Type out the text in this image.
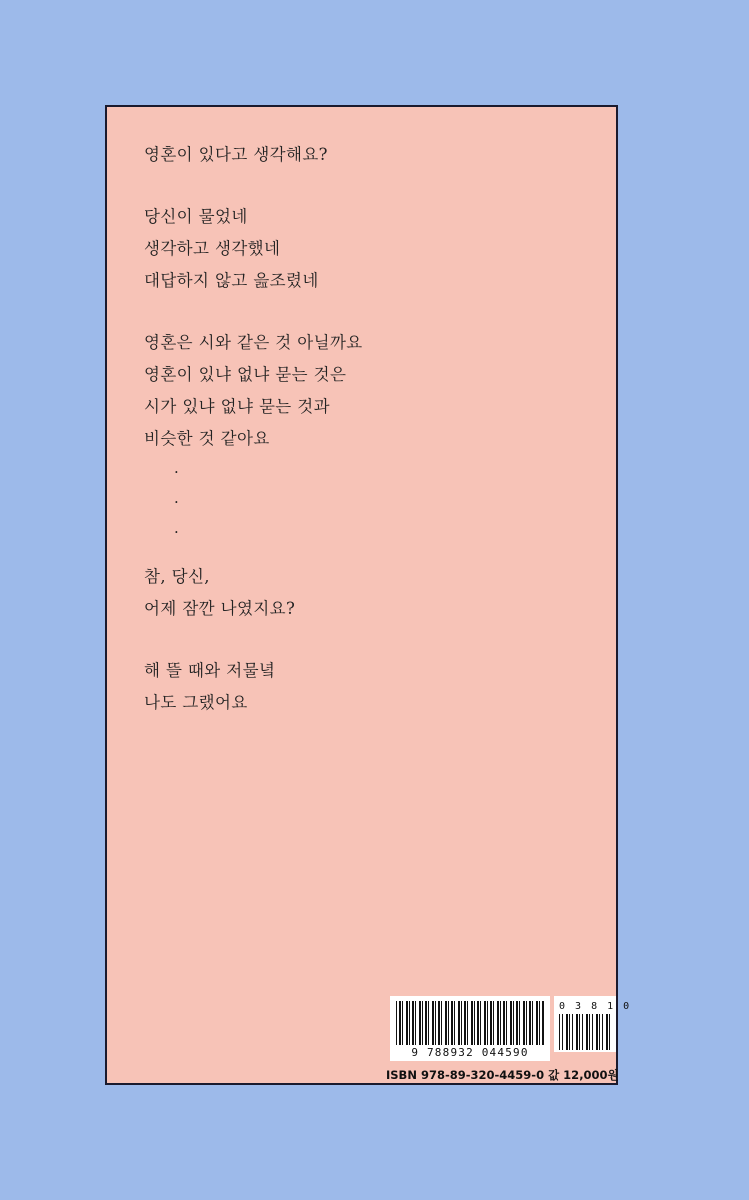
영혼이 있다고 생각해요?
당신이 물었네
생각하고 생각했네
대답하지 않고 읊조렸네
영혼은 시와 같은 것 아닐까요
영혼이 있냐 없냐 묻는 것은
시가 있냐 없냐 묻는 것과
비슷한 것 같아요
·
·
·
참, 당신,
어제 잠깐 나였지요?
해 뜰 때와 저물녘
나도 그랬어요
9 788932 044590
0 3 8 1 0
ISBN 978-89-320-4459-0 값 12,000원
